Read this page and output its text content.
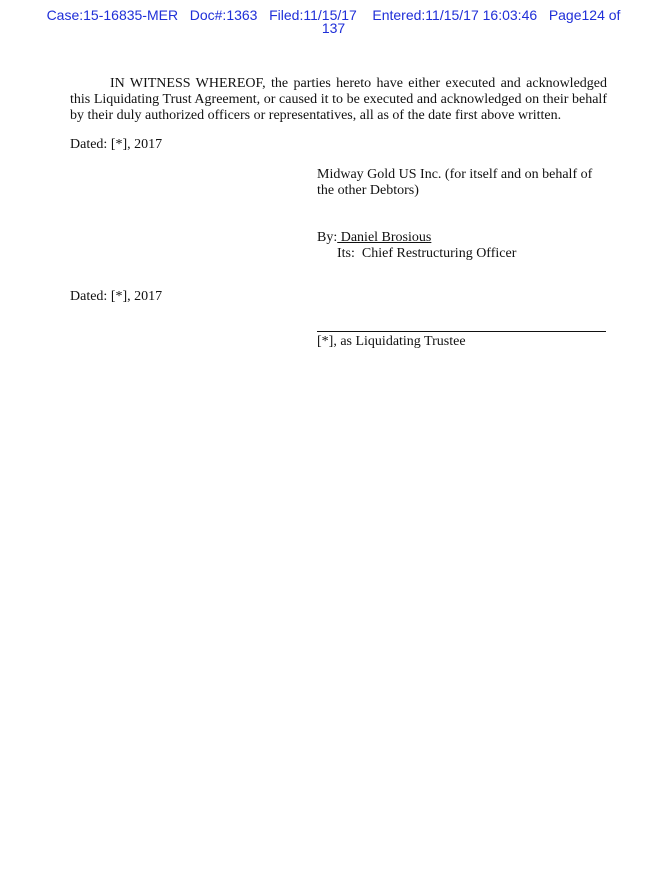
Case:15-16835-MER   Doc#:1363   Filed:11/15/17    Entered:11/15/17 16:03:46   Page124 of
137

IN WITNESS WHEREOF, the parties hereto have either executed and acknowledged this Liquidating Trust Agreement, or caused it to be executed and acknowledged on their behalf by their duly authorized officers or representatives, all as of the date first above written.

Dated: [*], 2017

Midway Gold US Inc. (for itself and on behalf of the other Debtors)

By: Daniel Brosious

Its:  Chief Restructuring Officer

Dated: [*], 2017

[*], as Liquidating Trustee
